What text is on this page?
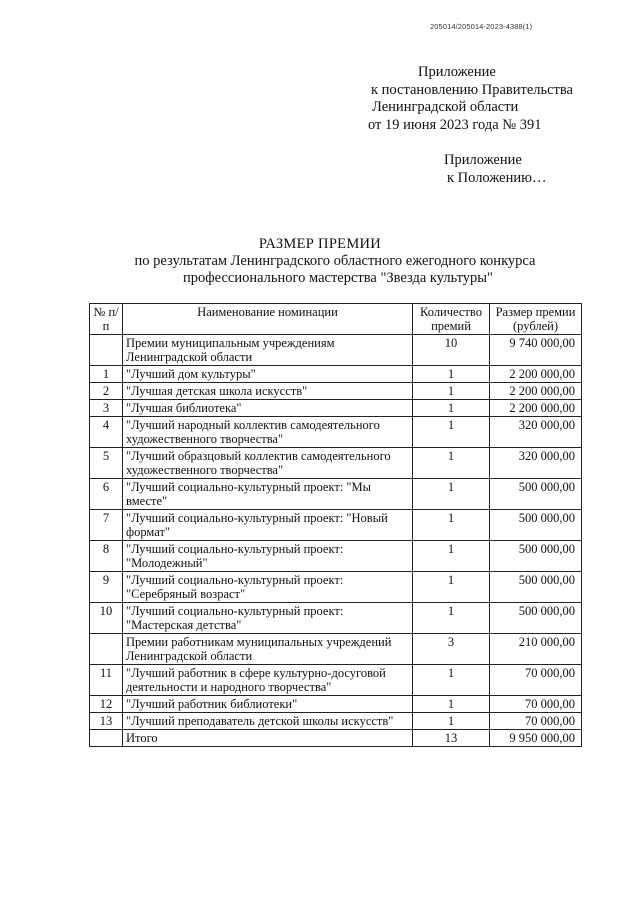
205014/205014-2023-4388(1)
Приложение
к постановлению Правительства
Ленинградской области
от 19 июня 2023 года № 391
Приложение
к Положению…
РАЗМЕР ПРЕМИИ
по результатам Ленинградского областного ежегодного конкурса
профессионального мастерства "Звезда культуры"
№ п/п	Наименование номинации	Количество премий	Размер премии (рублей)
	Премии муниципальным учреждениям Ленинградской области	10	9 740 000,00
1	"Лучший дом культуры"	1	2 200 000,00
2	"Лучшая детская школа искусств"	1	2 200 000,00
3	"Лучшая библиотека"	1	2 200 000,00
4	"Лучший народный коллектив самодеятельного художественного творчества"	1	320 000,00
5	"Лучший образцовый коллектив самодеятельного художественного творчества"	1	320 000,00
6	"Лучший социально-культурный проект: "Мы вместе"	1	500 000,00
7	"Лучший социально-культурный проект: "Новый формат"	1	500 000,00
8	"Лучший социально-культурный проект: "Молодежный"	1	500 000,00
9	"Лучший социально-культурный проект: "Серебряный возраст"	1	500 000,00
10	"Лучший социально-культурный проект: "Мастерская детства"	1	500 000,00
	Премии работникам муниципальных учреждений Ленинградской области	3	210 000,00
11	"Лучший работник в сфере культурно-досуговой деятельности и народного творчества"	1	70 000,00
12	"Лучший работник библиотеки"	1	70 000,00
13	"Лучший преподаватель детской школы искусств"	1	70 000,00
	Итого	13	9 950 000,00
